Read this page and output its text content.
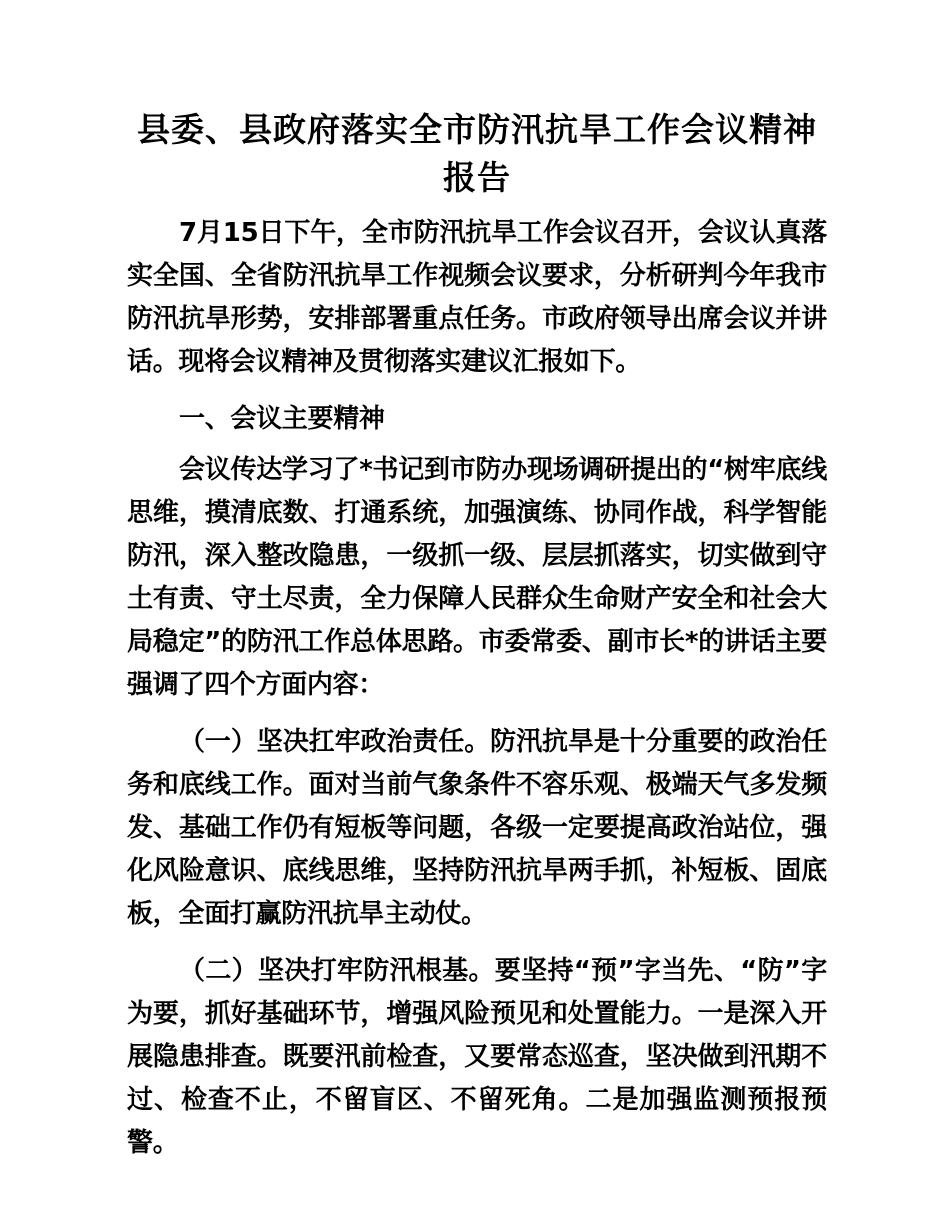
县委、县政府落实全市防汛抗旱工作会议精神报告

7月15日下午，全市防汛抗旱工作会议召开，会议认真落实全国、全省防汛抗旱工作视频会议要求，分析研判今年我市防汛抗旱形势，安排部署重点任务。市政府领导出席会议并讲话。现将会议精神及贯彻落实建议汇报如下。

一、会议主要精神

会议传达学习了*书记到市防办现场调研提出的“树牢底线思维，摸清底数、打通系统，加强演练、协同作战，科学智能防汛，深入整改隐患，一级抓一级、层层抓落实，切实做到守土有责、守土尽责，全力保障人民群众生命财产安全和社会大局稳定”的防汛工作总体思路。市委常委、副市长*的讲话主要强调了四个方面内容：

（一）坚决扛牢政治责任。防汛抗旱是十分重要的政治任务和底线工作。面对当前气象条件不容乐观、极端天气多发频发、基础工作仍有短板等问题，各级一定要提高政治站位，强化风险意识、底线思维，坚持防汛抗旱两手抓，补短板、固底板，全面打赢防汛抗旱主动仗。

（二）坚决打牢防汛根基。要坚持“预”字当先、“防”字为要，抓好基础环节，增强风险预见和处置能力。一是深入开展隐患排查。既要汛前检查，又要常态巡查，坚决做到汛期不过、检查不止，不留盲区、不留死角。二是加强监测预报预警。
